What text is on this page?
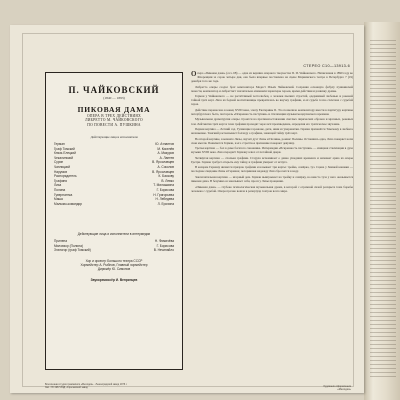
СТЕРЕО С10—13913-6
П. ЧАЙКОВСКИЙ
(1840 — 1893)
ПИКОВАЯ ДАМА
ОПЕРА В ТРЕХ ДЕЙСТВИЯХ
ЛИБРЕТТО М. ЧАЙКОВСКОГО
ПО ПОВЕСТИ А. ПУШКИНА
Действующие лица и исполнители
Герман	Ю. Атлантов
Граф Томский	М. Киселёв
Князь Елецкий	А. Мазуров
Чекалинский	А. Лаптев
Сурин	В. Ярославцев
Чаплицкий	А. Соколов
Нарумов	В. Ярославцев
Распорядитель	К. Баскову
Графиня	В. Левко
Лиза	Т. Милашкина
Полина	Г. Борисова
Гувернантка	Н. Григорьева
Маша	Н. Лебедева
Мальчик-командир	Л. Ерохина
Действующие лица и исполнители в интермедии
Прилепа	Н. Фомичёва
Миловзор (Полина)	Г. Борисова
Златогор (граф Томский)	В. Нечипайло
Хор и оркестр Большого театра СССР
Хормейстер А. Рыбнов, Главный хормейстер
Дирижёр Ю. Симонов
Звукорежиссёр И. Вепринцев

Опера «Пиковая дама» (соч. 68) — одна из вершин оперного творчества П. И. Чайковского. Написанная в 1890 году во Флоренции за сорок четыре дня, она была впервые поставлена на сцене Мариинского театра в Петербурге 7 (19) декабря того же года.

Либретто оперы создал брат композитора Модест Ильич Чайковский. Сохраняя основную фабулу пушкинской повести, композитор и либреттист значительно изменили характеры героев, время действия и развязку драмы.

Герман у Чайковского — не расчётливый честолюбец, а человек пылких страстей, одержимый любовью и роковой тайной трёх карт. Лиза из бедной воспитанницы превратилась во внучку графини, и её судьба тесно сплетена с судьбой героя.

Действие перенесено в конец XVIII века, эпоху Екатерины II. Это позволило композитору ввести в партитуру картины петербургского быта, пастораль «Искренность пастушки» и стилизации музыки моцартовского времени.

Музыкальная драматургия оперы строится на противопоставлении светлых лирических образов и мрачных, роковых тем. Лейтмотив трёх карт и тема графини проходят через всё произведение, определяя его трагическое звучание.

Первая картина — Летний сад. Гуляющие горожане, дети, няни и гувернантки. Герман признаётся Томскому в любви к незнакомке. Томский рассказывает балладу о графине, знающей тайну трёх карт.

Во второй картине, в комнате Лизы, звучит дуэт Лизы и Полины, романс Полины. Оставшись одна, Лиза поверяет ночи свои мысли. Появляется Герман, и его страстное признание покоряет девушку.

Третья картина — бал в доме богатого сановника. Интермедия «Искренность пастушки» — изящная стилизация в духе музыки XVIII века. Лиза передаёт Герману ключ от потайной двери.

Четвёртая картина — спальня графини. Старуха вспоминает о давно ушедших временах и напевает арию из оперы Гретри. Герман требует открыть ему тайну, и графиня умирает от испуга.

В казарме Герману является призрак графини и называет три карты: тройка, семёрка, туз. Сцена у Зимней канавки — последнее свидание Лизы и Германа; потерявшая надежду Лиза бросается в воду.

Заключительная картина — игорный дом. Герман выигрывает на тройку и семёрку, но вместо туза у него оказывается пиковая дама. В безумии он закалывает себя, прося у Лизы прощения.

«Пиковая дама» — глубоко психологическая музыкальная драма, в которой с огромной силой раскрыта тема борьбы человека с судьбой. Опера прочно вошла в репертуар театров всего мира.

Всесоюзная студия грамзаписи «Мелодия» · Ленинградский завод 1976 г.
Зап. 7/II 1967 ИЗД. Апрелевский завод	Художник оформления
«Мелодия»
